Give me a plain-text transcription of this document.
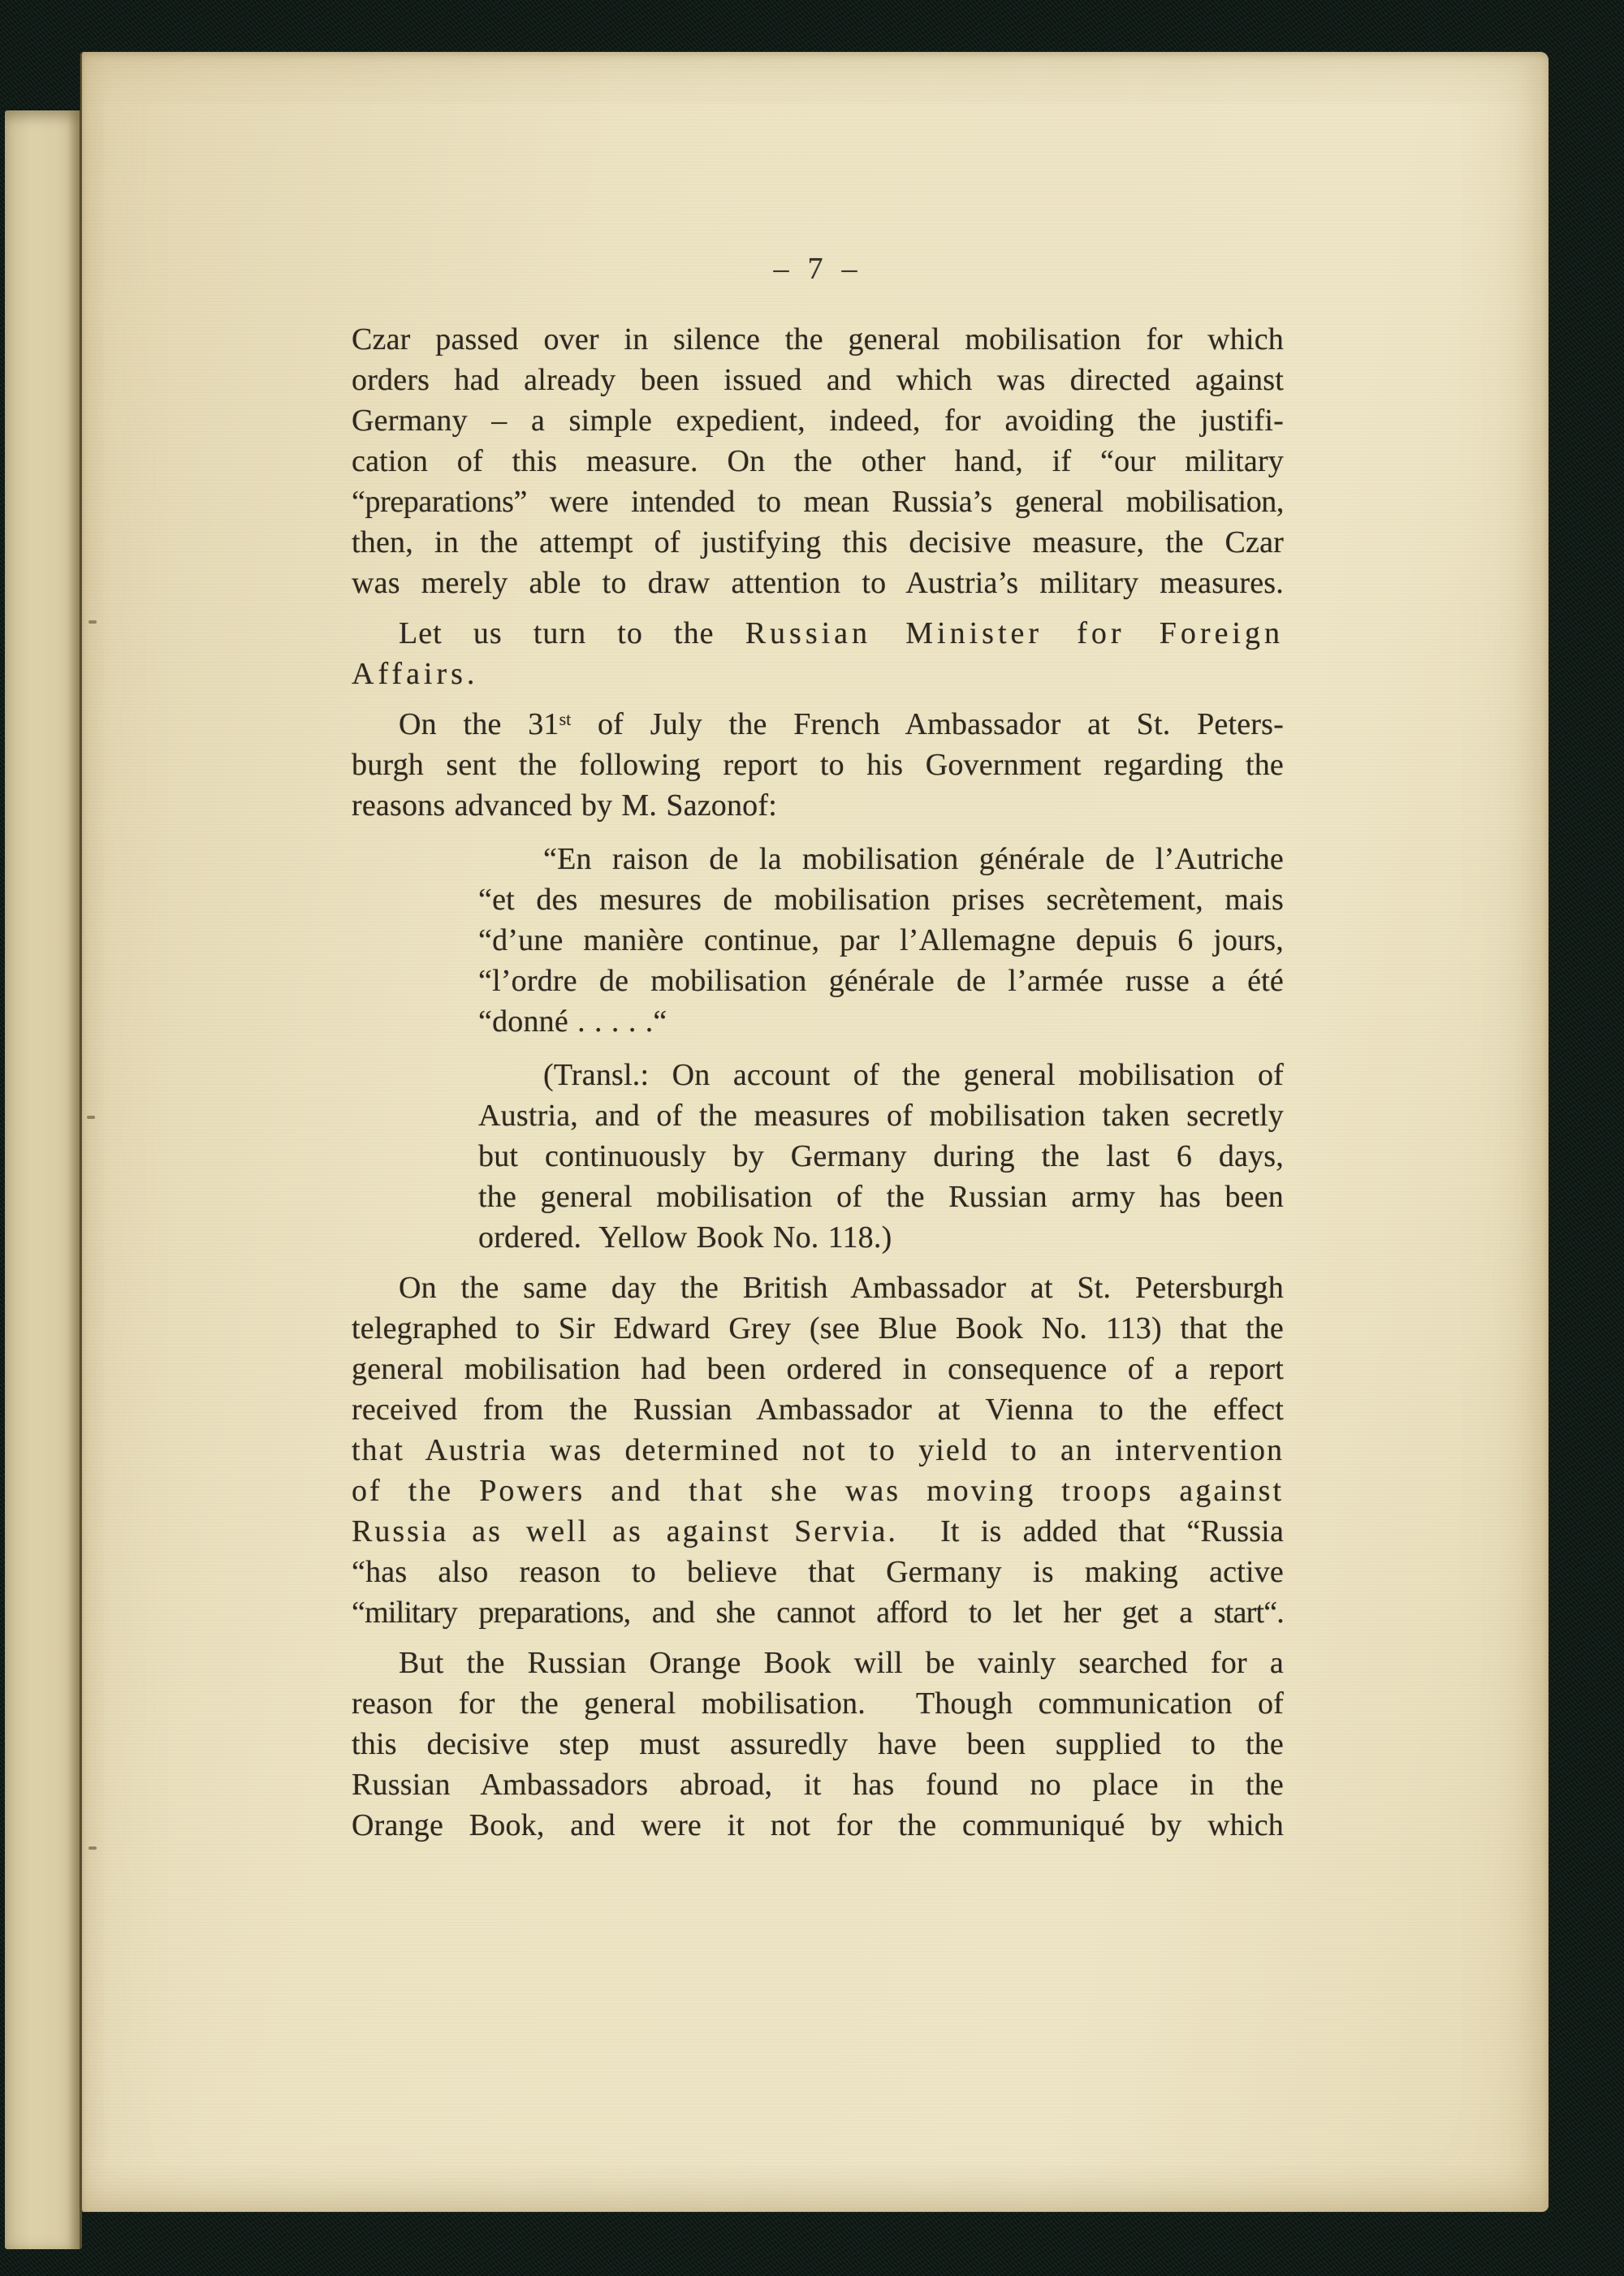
– 7 –
Czar passed over in silence the general mobilisation for which
orders had already been issued and which was directed against
Germany – a simple expedient, indeed, for avoiding the justifi-
cation of this measure. On the other hand, if “our military
“preparations” were intended to mean Russia’s general mobilisation,
then, in the attempt of justifying this decisive measure, the Czar
was merely able to draw attention to Austria’s military measures.
Let us turn to the Russian Minister for Foreign
Affairs.
On the 31st of July the French Ambassador at St. Peters-
burgh sent the following report to his Government regarding the
reasons advanced by M. Sazonof:
“En raison de la mobilisation générale de l’Autriche
“et des mesures de mobilisation prises secrètement, mais
“d’une manière continue, par l’Allemagne depuis 6 jours,
“l’ordre de mobilisation générale de l’armée russe a été
“donné . . . . .“
(Transl.: On account of the general mobilisation of
Austria, and of the measures of mobilisation taken secretly
but continuously by Germany during the last 6 days,
the general mobilisation of the Russian army has been
ordered.  Yellow Book No. 118.)
On the same day the British Ambassador at St. Petersburgh
telegraphed to Sir Edward Grey (see Blue Book No. 113) that the
general mobilisation had been ordered in consequence of a report
received from the Russian Ambassador at Vienna to the effect
that Austria was determined not to yield to an intervention
of the Powers and that she was moving troops against
Russia as well as against Servia.  It is added that “Russia
“has also reason to believe that Germany is making active
“military preparations, and she cannot afford to let her get a start“.
But the Russian Orange Book will be vainly searched for a
reason for the general mobilisation.  Though communication of
this decisive step must assuredly have been supplied to the
Russian Ambassadors abroad, it has found no place in the
Orange Book, and were it not for the communiqué by which
